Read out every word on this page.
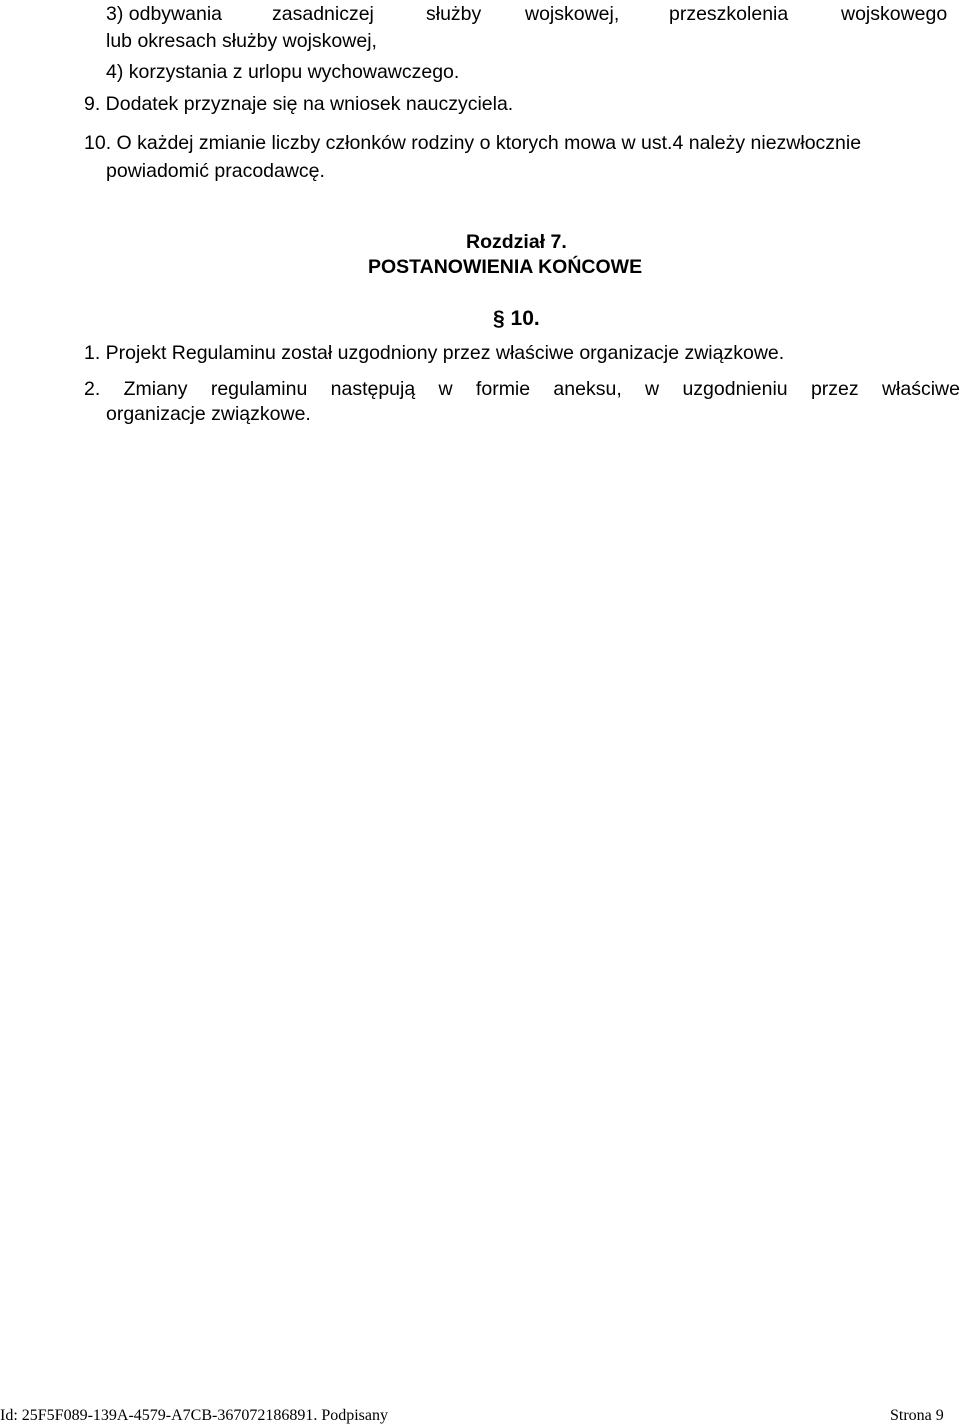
3) odbywania	zasadniczej	służby wojskowej,	przeszkolenia	wojskowego
lub okresach służby wojskowej,
4) korzystania z urlopu wychowawczego.
9. Dodatek przyznaje się na wniosek nauczyciela.
10. O każdej zmianie liczby członków rodziny o ktorych mowa w ust.4 należy niezwłocznie
powiadomić pracodawcę.
Rozdział 7.
POSTANOWIENIA KOŃCOWE
§ 10.
1. Projekt Regulaminu został uzgodniony przez właściwe organizacje związkowe.
2. Zmiany regulaminu następują w formie aneksu, w uzgodnieniu przez właściwe
organizacje związkowe.
Id: 25F5F089-139A-4579-A7CB-367072186891. Podpisany	Strona 9
